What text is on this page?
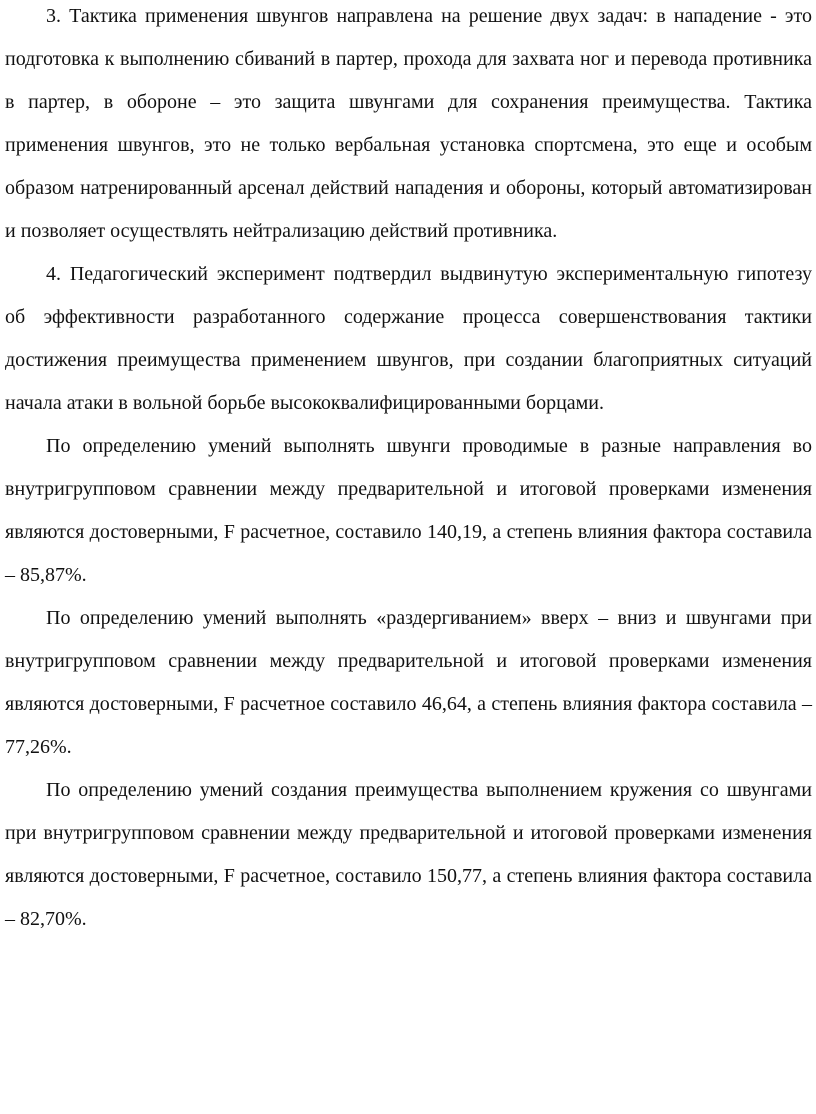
3. Тактика применения швунгов направлена на решение двух задач: в нападение - это подготовка к выполнению сбиваний в партер, прохода для захвата ног и перевода противника в партер, в обороне – это защита швунгами для сохранения преимущества. Тактика применения швунгов, это не только вербальная установка спортсмена, это еще и особым образом натренированный арсенал действий нападения и обороны, который автоматизирован и позволяет осуществлять нейтрализацию действий противника.

4. Педагогический эксперимент подтвердил выдвинутую экспериментальную гипотезу об эффективности разработанного содержание процесса совершенствования тактики достижения преимущества применением швунгов, при создании благоприятных ситуаций начала атаки в вольной борьбе высококвалифицированными борцами.

По определению умений выполнять швунги проводимые в разные направления во внутригрупповом сравнении между предварительной и итоговой проверками изменения являются достоверными, F расчетное, составило 140,19, а степень влияния фактора составила – 85,87%.

По определению умений выполнять «раздергиванием» вверх – вниз и швунгами при внутригрупповом сравнении между предварительной и итоговой проверками изменения являются достоверными, F расчетное составило 46,64, а степень влияния фактора составила – 77,26%.

По определению умений создания преимущества выполнением кружения со швунгами при внутригрупповом сравнении между предварительной и итоговой проверками изменения являются достоверными, F расчетное, составило 150,77, а степень влияния фактора составила – 82,70%.
